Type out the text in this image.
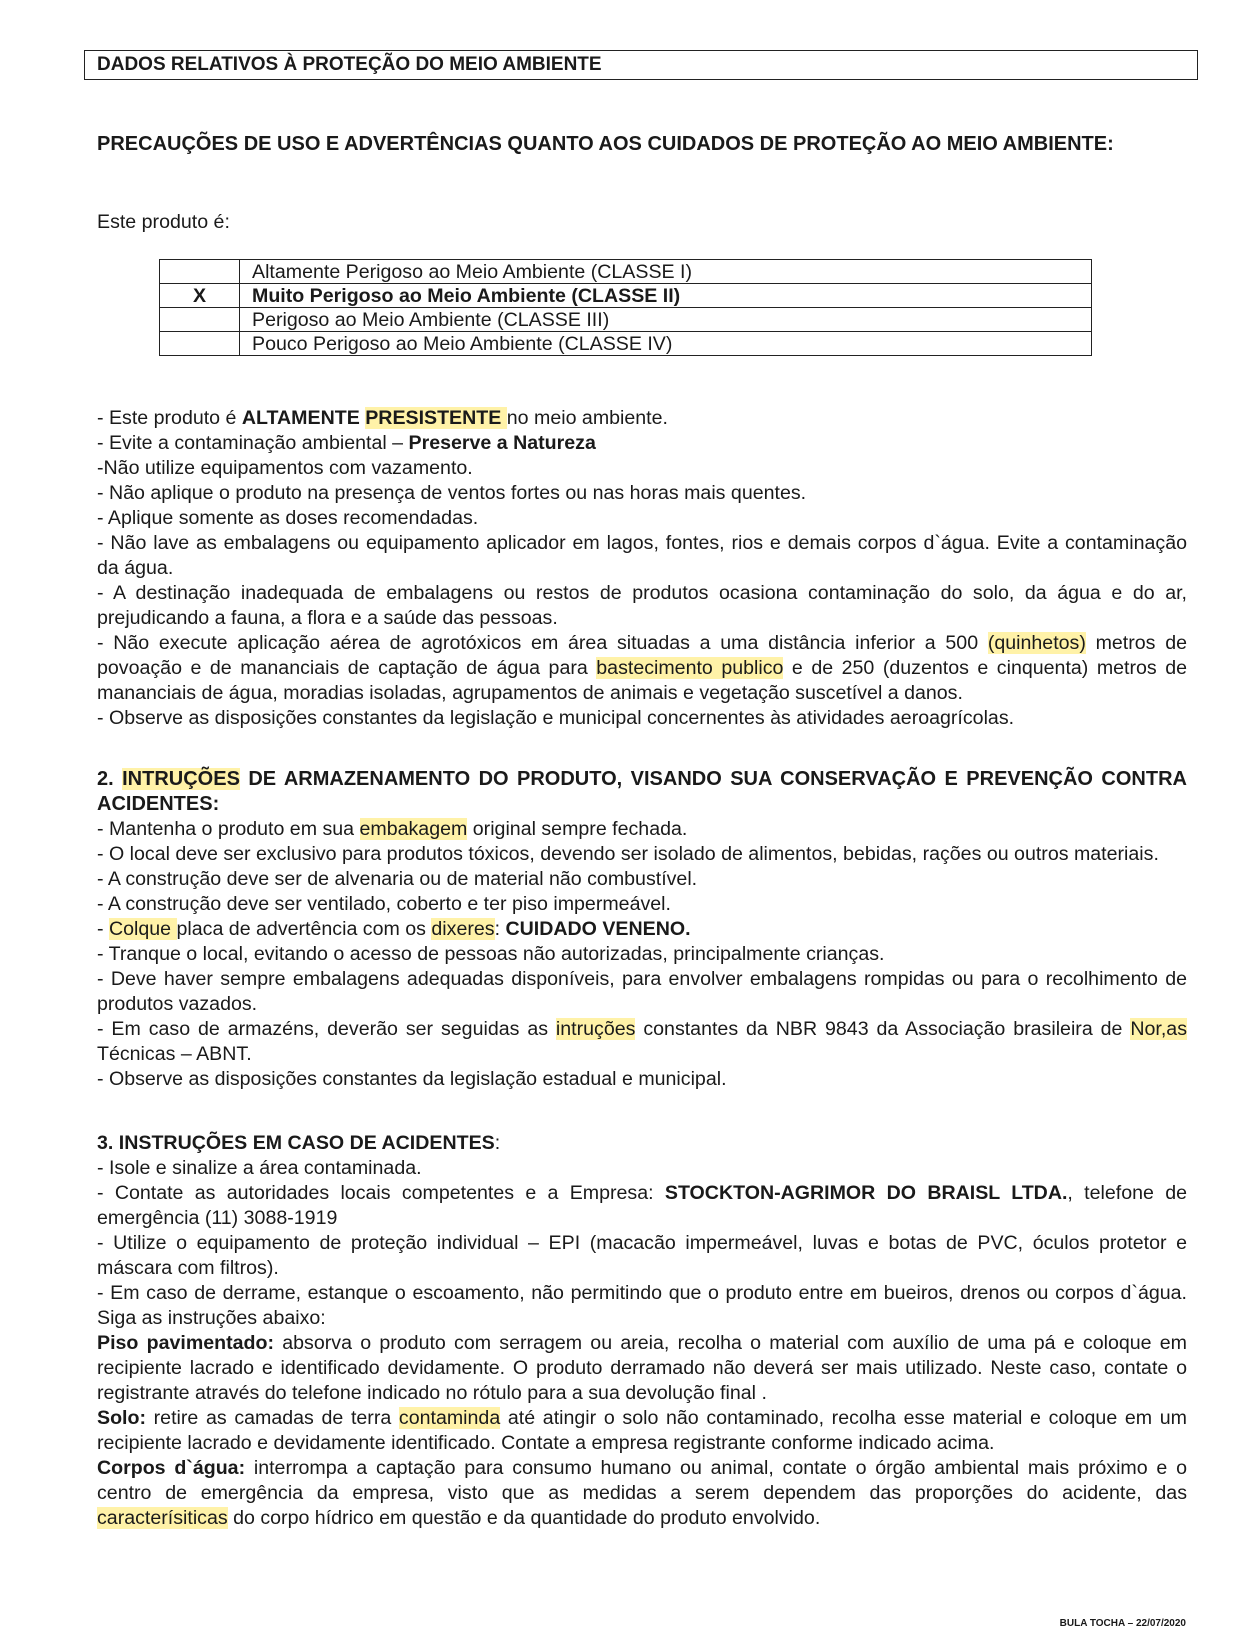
DADOS RELATIVOS À PROTEÇÃO DO MEIO AMBIENTE
PRECAUÇÕES DE USO E ADVERTÊNCIAS QUANTO AOS CUIDADOS DE PROTEÇÃO AO MEIO AMBIENTE:
Este produto é:
	Altamente Perigoso ao Meio Ambiente (CLASSE I)
X	Muito Perigoso ao Meio Ambiente (CLASSE II)
	Perigoso ao Meio Ambiente (CLASSE III)
	Pouco Perigoso ao Meio Ambiente (CLASSE IV)

- Este produto é ALTAMENTE PRESISTENTE no meio ambiente.

- Evite a contaminação ambiental – Preserve a Natureza

-Não utilize equipamentos com vazamento.

- Não aplique o produto na presença de ventos fortes ou nas horas mais quentes.

- Aplique somente as doses recomendadas.

- Não lave as embalagens ou equipamento aplicador em lagos, fontes, rios e demais corpos d`água. Evite a contaminação da água.

- A destinação inadequada de embalagens ou restos de produtos ocasiona contaminação do solo, da água e do ar, prejudicando a fauna, a flora e a saúde das pessoas.

- Não execute aplicação aérea de agrotóxicos em área situadas a uma distância inferior a 500 (quinhetos) metros de povoação e de mananciais de captação de água para bastecimento publico e de 250 (duzentos e cinquenta) metros de mananciais de água, moradias isoladas, agrupamentos de animais e vegetação suscetível a danos.

- Observe as disposições constantes da legislação e municipal concernentes às atividades aeroagrícolas.

2. INTRUÇÕES DE ARMAZENAMENTO DO PRODUTO, VISANDO SUA CONSERVAÇÃO E PREVENÇÃO CONTRA ACIDENTES:

- Mantenha o produto em sua embakagem original sempre fechada.

- O local deve ser exclusivo para produtos tóxicos, devendo ser isolado de alimentos, bebidas, rações ou outros materiais.

- A construção deve ser de alvenaria ou de material não combustível.

- A construção deve ser ventilado, coberto e ter piso impermeável.

- Colque placa de advertência com os dixeres: CUIDADO VENENO.

- Tranque o local, evitando o acesso de pessoas não autorizadas, principalmente crianças.

- Deve haver sempre embalagens adequadas disponíveis, para envolver embalagens rompidas ou para o recolhimento de produtos vazados.

- Em caso de armazéns, deverão ser seguidas as intruções constantes da NBR 9843 da Associação brasileira de Nor,as Técnicas – ABNT.

- Observe as disposições constantes da legislação estadual e municipal.

3. INSTRUÇÕES EM CASO DE ACIDENTES:

- Isole e sinalize a área contaminada.

- Contate as autoridades locais competentes e a Empresa: STOCKTON-AGRIMOR DO BRAISL LTDA., telefone de emergência (11) 3088-1919

- Utilize o equipamento de proteção individual – EPI (macacão impermeável, luvas e botas de PVC, óculos protetor e máscara com filtros).

- Em caso de derrame, estanque o escoamento, não permitindo que o produto entre em bueiros, drenos ou corpos d`água. Siga as instruções abaixo:

Piso pavimentado: absorva o produto com serragem ou areia, recolha o material com auxílio de uma pá e coloque em recipiente lacrado e identificado devidamente. O produto derramado não deverá ser mais utilizado. Neste caso, contate o registrante através do telefone indicado no rótulo para a sua devolução final .

Solo: retire as camadas de terra contaminda até atingir o solo não contaminado, recolha esse material e coloque em um recipiente lacrado e devidamente identificado. Contate a empresa registrante conforme indicado acima.

Corpos d`água: interrompa a captação para consumo humano ou animal, contate o órgão ambiental mais próximo e o centro de emergência da empresa, visto que as medidas a serem dependem das proporções do acidente, das caracterísiticas do corpo hídrico em questão e da quantidade do produto envolvido.

BULA TOCHA – 22/07/2020
